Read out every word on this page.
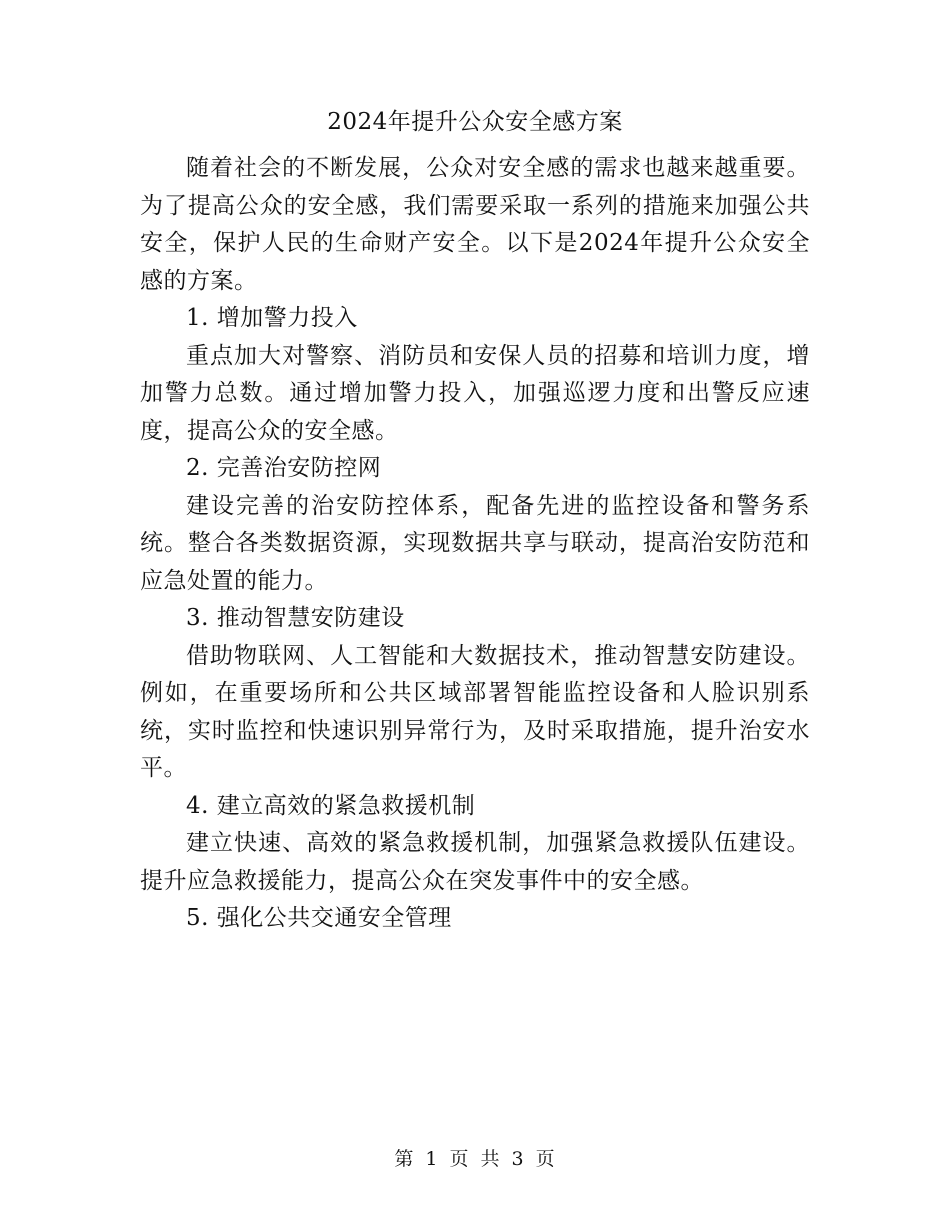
2024年提升公众安全感方案

随着社会的不断发展，公众对安全感的需求也越来越重要。为了提高公众的安全感，我们需要采取一系列的措施来加强公共安全，保护人民的生命财产安全。以下是2024年提升公众安全感的方案。

1. 增加警力投入

重点加大对警察、消防员和安保人员的招募和培训力度，增加警力总数。通过增加警力投入，加强巡逻力度和出警反应速度，提高公众的安全感。

2. 完善治安防控网

建设完善的治安防控体系，配备先进的监控设备和警务系统。整合各类数据资源，实现数据共享与联动，提高治安防范和应急处置的能力。

3. 推动智慧安防建设

借助物联网、人工智能和大数据技术，推动智慧安防建设。例如，在重要场所和公共区域部署智能监控设备和人脸识别系统，实时监控和快速识别异常行为，及时采取措施，提升治安水平。

4. 建立高效的紧急救援机制

建立快速、高效的紧急救援机制，加强紧急救援队伍建设。提升应急救援能力，提高公众在突发事件中的安全感。

5. 强化公共交通安全管理

第 1 页 共 3 页
